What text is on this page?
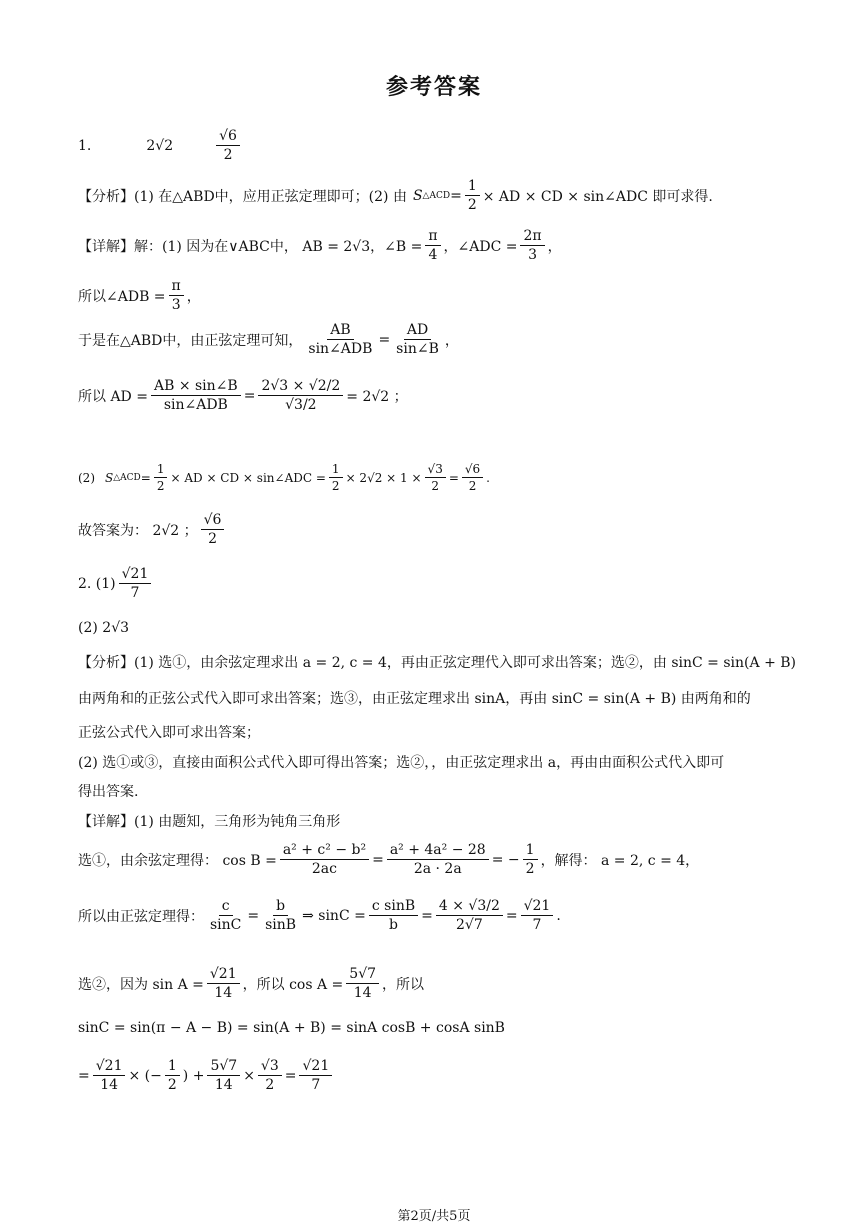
参考答案
1.	2√2	$\frac{√6}{2}$
【分析】(1) 在△ABD中，应用正弦定理即可；(2) 由 S △ACD = $\frac{1}{2}$ × AD × CD × sin∠ADC 即可求得.
【详解】解：(1) 因为在∨ABC中， AB = 2√3，∠B = $\frac{\pi}{4}$ ，∠ADC = $\frac{2\pi}{3}$ ，
所以∠ADB = $\frac{\pi}{3}$ ，
于是在△ABD中，由正弦定理可知， $\frac{AB}{\text{sin∠ADB}} = \frac{AD}{\sin\angle B}$ ，
所以 AD = $\frac{AB \times \sin\angle B}{\text{sin∠ADB}} = \frac{2√3 \times √2/2}{√3/2} = 2√2$ ；
(2) S △ACD = $\frac{1}{2}$ × AD × CD × sin∠ADC = $\frac{1}{2} \times 2√2 \times 1 \times \frac{√3}{2} = \frac{√6}{2}$ .
故答案为： 2√2 ； $\frac{√6}{2}$
2. $(1) \frac{√21}{7}$
(2) 2√3
【分析】(1) 选①，由余弦定理求出 a = 2, c = 4，再由正弦定理代入即可求出答案；选②，由 sinC = sin(A + B)
由两角和的正弦公式代入即可求出答案；选③，由正弦定理求出 sinA，再由 sinC = sin(A + B) 由两角和的
正弦公式代入即可求出答案；
(2) 选①或③，直接由面积公式代入即可得出答案；选②，，由正弦定理求出 a，再由由面积公式代入即可
得出答案.
【详解】(1) 由题知，三角形为钝角三角形
选①，由余弦定理得： $\cos B = \frac{\text{a² + c² − b²}}{2ac} = \frac{\text{a² + 4a² − 28}}{2a \cdot 2a}$ = − $\frac{1}{2}$ ，解得： a = 2, c = 4，
所以由正弦定理得： $\frac{c}{\sin C} = \frac{b}{\sin B}$ ⇒ $\sin C = \frac{\text{c sinB}}{b} = \frac{4 \times √3/2}{2√7} = \frac{√21}{7}$ .
选②，因为 $\sin A = \frac{√21}{14}$ ，所以 $\cos A = \frac{5√7}{14}$ ，所以
sinC = sin(π − A − B) = sin(A + B) = sinA cosB + cosA sinB
= $\frac{√21}{14}$ × (− $\frac{1}{2}$ ) + $\frac{5√7}{14} \times \frac{√3}{2} = \frac{√21}{7}$
第2页/共5页
